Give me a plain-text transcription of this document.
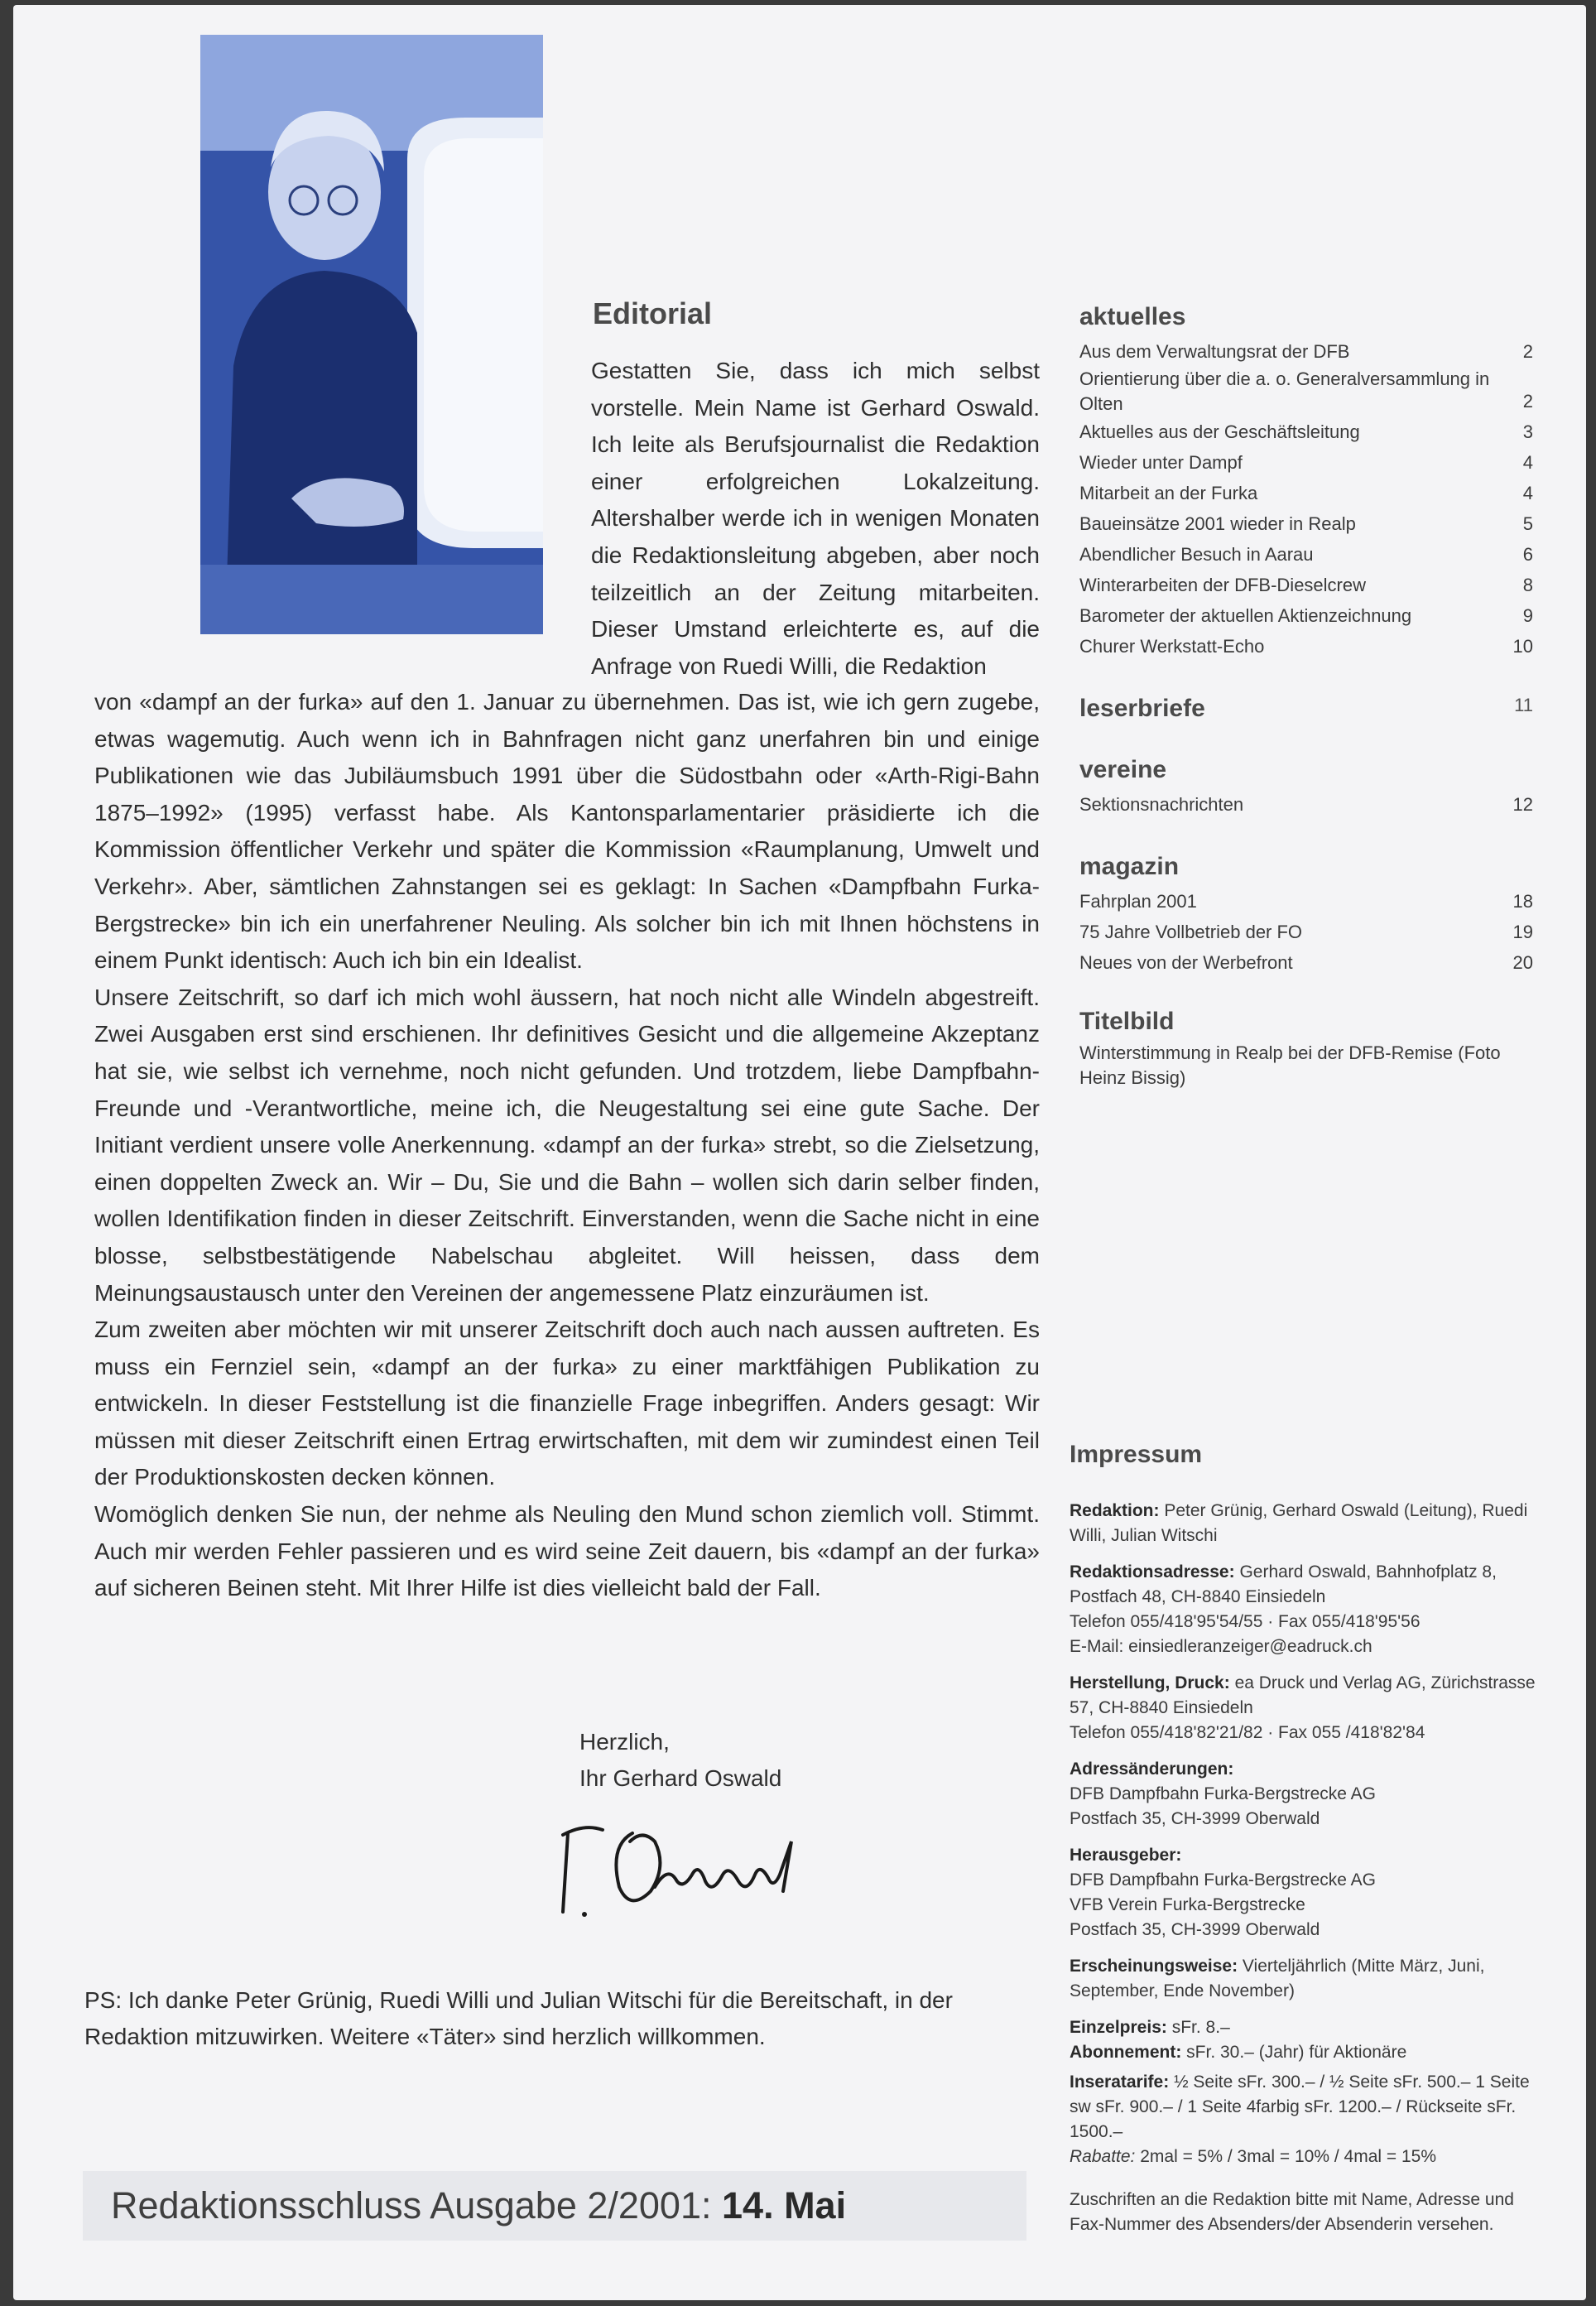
Editorial

Gestatten Sie, dass ich mich selbst vorstelle. Mein Name ist Gerhard Oswald. Ich leite als Berufsjournalist die Redaktion einer erfolgreichen Lokalzeitung. Altershalber werde ich in wenigen Monaten die Redaktionsleitung abgeben, aber noch teilzeitlich an der Zeitung mitarbeiten. Dieser Umstand erleichterte es, auf die Anfrage von Ruedi Willi, die Redaktion

von «dampf an der furka» auf den 1. Januar zu übernehmen. Das ist, wie ich gern zugebe, etwas wagemutig. Auch wenn ich in Bahnfragen nicht ganz unerfahren bin und einige Publikationen wie das Jubiläumsbuch 1991 über die Südostbahn oder «Arth-Rigi-Bahn 1875–1992» (1995) verfasst habe. Als Kantonsparlamentarier präsidierte ich die Kommission öffentlicher Verkehr und später die Kommission «Raumplanung, Umwelt und Verkehr». Aber, sämtlichen Zahnstangen sei es geklagt: In Sachen «Dampfbahn Furka-Bergstrecke» bin ich ein unerfahrener Neuling. Als solcher bin ich mit Ihnen höchstens in einem Punkt identisch: Auch ich bin ein Idealist.

Unsere Zeitschrift, so darf ich mich wohl äussern, hat noch nicht alle Windeln abgestreift. Zwei Ausgaben erst sind erschienen. Ihr definitives Gesicht und die allgemeine Akzeptanz hat sie, wie selbst ich vernehme, noch nicht gefunden. Und trotzdem, liebe Dampfbahn-Freunde und -Verantwortliche, meine ich, die Neugestaltung sei eine gute Sache. Der Initiant verdient unsere volle Anerkennung. «dampf an der furka» strebt, so die Zielsetzung, einen doppelten Zweck an. Wir – Du, Sie und die Bahn – wollen sich darin selber finden, wollen Identifikation finden in dieser Zeitschrift. Einverstanden, wenn die Sache nicht in eine blosse, selbstbestätigende Nabelschau abgleitet. Will heissen, dass dem Meinungsaustausch unter den Vereinen der angemessene Platz einzuräumen ist.

Zum zweiten aber möchten wir mit unserer Zeitschrift doch auch nach aussen auftreten. Es muss ein Fernziel sein, «dampf an der furka» zu einer marktfähigen Publikation zu entwickeln. In dieser Feststellung ist die finanzielle Frage inbegriffen. Anders gesagt: Wir müssen mit dieser Zeitschrift einen Ertrag erwirtschaften, mit dem wir zumindest einen Teil der Produktionskosten decken können.

Womöglich denken Sie nun, der nehme als Neuling den Mund schon ziemlich voll. Stimmt. Auch mir werden Fehler passieren und es wird seine Zeit dauern, bis «dampf an der furka» auf sicheren Beinen steht. Mit Ihrer Hilfe ist dies vielleicht bald der Fall.

Herzlich,
Ihr Gerhard Oswald
PS: Ich danke Peter Grünig, Ruedi Willi und Julian Witschi für die Bereitschaft, in der Redaktion mitzuwirken. Weitere «Täter» sind herzlich willkommen.
Redaktionsschluss Ausgabe 2/2001: 14. Mai
aktuelles
Aus dem Verwaltungsrat der DFB	2
Orientierung über die a. o. Generalversammlung in Olten	2
Aktuelles aus der Geschäftsleitung	3
Wieder unter Dampf	4
Mitarbeit an der Furka	4
Baueinsätze 2001 wieder in Realp	5
Abendlicher Besuch in Aarau	6
Winterarbeiten der DFB-Dieselcrew	8
Barometer der aktuellen Aktienzeichnung	9
Churer Werkstatt-Echo	10
leserbriefe	11
vereine
Sektionsnachrichten	12
magazin
Fahrplan 2001	18
75 Jahre Vollbetrieb der FO	19
Neues von der Werbefront	20
Titelbild
Winterstimmung in Realp bei der DFB-Remise (Foto Heinz Bissig)
Impressum
Redaktion: Peter Grünig, Gerhard Oswald (Leitung), Ruedi Willi, Julian Witschi
Redaktionsadresse: Gerhard Oswald, Bahnhofplatz 8, Postfach 48, CH-8840 Einsiedeln
Telefon 055/418'95'54/55 · Fax 055/418'95'56
E-Mail: einsiedleranzeiger@eadruck.ch
Herstellung, Druck: ea Druck und Verlag AG, Zürichstrasse 57, CH-8840 Einsiedeln
Telefon 055/418'82'21/82 · Fax 055 /418'82'84
Adressänderungen:
DFB Dampfbahn Furka-Bergstrecke AG
Postfach 35, CH-3999 Oberwald
Herausgeber:
DFB Dampfbahn Furka-Bergstrecke AG
VFB Verein Furka-Bergstrecke
Postfach 35, CH-3999 Oberwald
Erscheinungsweise: Vierteljährlich (Mitte März, Juni, September, Ende November)
Einzelpreis: sFr. 8.–
Abonnement: sFr. 30.– (Jahr) für Aktionäre
Inseratarife: ½ Seite sFr. 300.– / ½ Seite sFr. 500.– 1 Seite sw sFr. 900.– / 1 Seite 4farbig sFr. 1200.– / Rückseite sFr. 1500.–
Rabatte: 2mal = 5% / 3mal = 10% / 4mal = 15%
Zuschriften an die Redaktion bitte mit Name, Adresse und Fax-Nummer des Absenders/der Absenderin versehen.
